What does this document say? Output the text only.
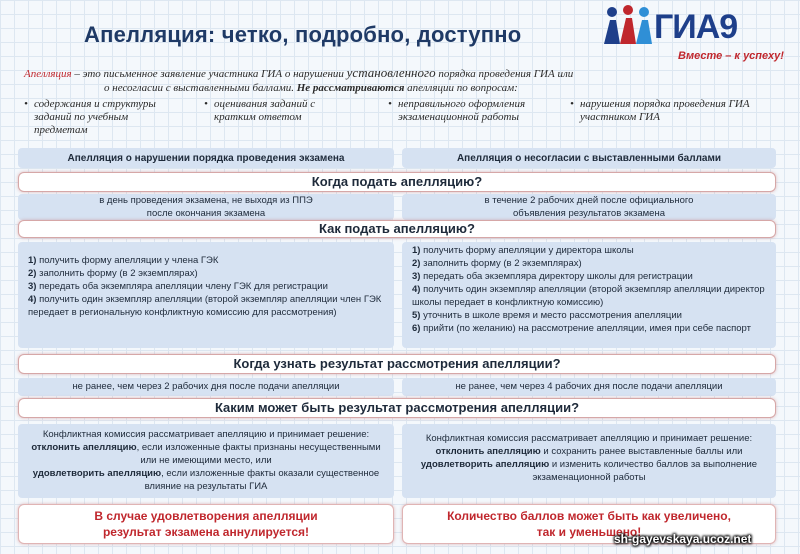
Апелляция: четко, подробно, доступно	ГИА9
Вместе – к успеху!
Апелляция – это письменное заявление участника ГИА о нарушении установленного порядка проведения ГИА или
о несогласии с выставленными баллами. Не рассматриваются апелляции по вопросам:
• содержания и структуры заданий по учебным предметам
• оценивания заданий с кратким ответом
• неправильного оформления экзаменационной работы
• нарушения порядка проведения ГИА участником ГИА
Апелляция о нарушении порядка проведения экзамена	Апелляция о несогласии с выставленными баллами
Когда подать апелляцию?
в день проведения экзамена, не выходя из ППЭ после окончания экзамена
в течение 2 рабочих дней после официального объявления результатов экзамена
Как подать апелляцию?
1) получить форму апелляции у члена ГЭК
2) заполнить форму (в 2 экземплярах)
3) передать оба экземпляра апелляции члену ГЭК для регистрации
4) получить один экземпляр апелляции (второй экземпляр апелляции член ГЭК передает в региональную конфликтную комиссию для рассмотрения)
1) получить форму апелляции у директора школы
2) заполнить форму (в 2 экземплярах)
3) передать оба экземпляра директору школы для регистрации
4) получить один экземпляр апелляции (второй экземпляр апелляции директор школы передает в конфликтную комиссию)
5) уточнить в школе время и место рассмотрения апелляции
6) прийти (по желанию) на рассмотрение апелляции, имея при себе паспорт
Когда узнать результат рассмотрения апелляции?
не ранее, чем через 2 рабочих дня после подачи апелляции	не ранее, чем через 4 рабочих дня после подачи апелляции
Каким может быть результат рассмотрения апелляции?
Конфликтная комиссия рассматривает апелляцию и принимает решение:
отклонить апелляцию, если изложенные факты признаны несущественными или не имеющими место, или
удовлетворить апелляцию, если изложенные факты оказали существенное влияние на результаты ГИА
Конфликтная комиссия рассматривает апелляцию и принимает решение:
отклонить апелляцию и сохранить ранее выставленные баллы или
удовлетворить апелляцию и изменить количество баллов за выполнение экзаменационной работы
В случае удовлетворения апелляции
результат экзамена аннулируется!
Количество баллов может быть как увеличено,
так и уменьшено!
sh-gayevskaya.ucoz.net
